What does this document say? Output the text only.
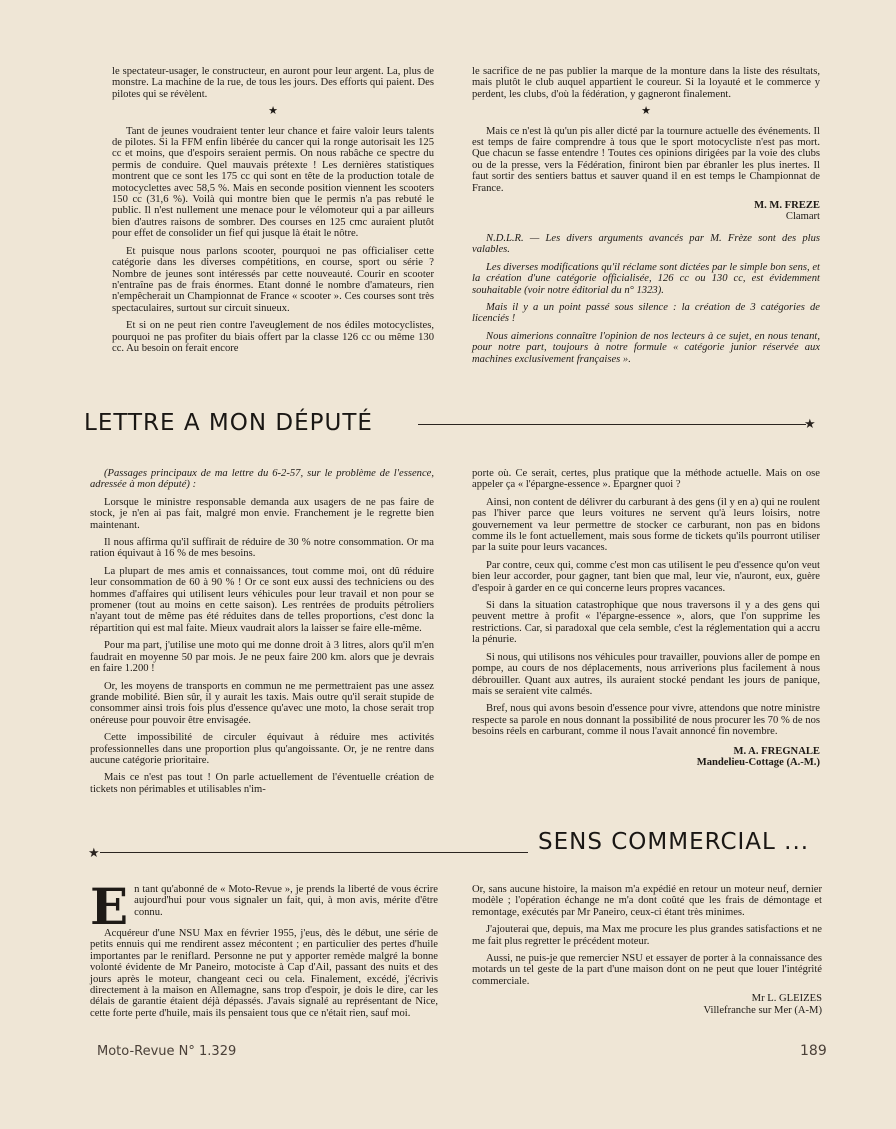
le spectateur-usager, le constructeur, en auront pour leur argent. La, plus de monstre. La machine de la rue, de tous les jours. Des efforts qui paient. Des pilotes qui se révèlent.

★

Tant de jeunes voudraient tenter leur chance et faire valoir leurs talents de pilotes. Si la FFM enfin libérée du cancer qui la ronge autorisait les 125 cc et moins, que d'espoirs seraient permis. On nous rabâche ce spectre du permis de conduire. Quel mauvais prétexte ! Les dernières statistiques montrent que ce sont les 175 cc qui sont en tête de la production totale de motocyclettes avec 58,5 %. Mais en seconde position viennent les scooters 150 cc (31,6 %). Voilà qui montre bien que le permis n'a pas rebuté le public. Il n'est nullement une menace pour le vélomoteur qui a par ailleurs bien d'autres raisons de sombrer. Des courses en 125 cmc auraient plutôt pour effet de consolider un fief qui jusque là était le nôtre.

Et puisque nous parlons scooter, pourquoi ne pas officialiser cette catégorie dans les diverses compétitions, en course, sport ou série ? Nombre de jeunes sont intéressés par cette nouveauté. Courir en scooter n'entraîne pas de frais énormes. Etant donné le nombre d'amateurs, rien n'empêcherait un Championnat de France « scooter ». Ces courses sont très spectaculaires, surtout sur circuit sinueux.

Et si on ne peut rien contre l'aveuglement de nos édiles motocyclistes, pourquoi ne pas profiter du biais offert par la classe 126 cc ou même 130 cc. Au besoin on ferait encore

le sacrifice de ne pas publier la marque de la monture dans la liste des résultats, mais plutôt le club auquel appartient le coureur. Si la loyauté et le commerce y perdent, les clubs, d'où la fédération, y gagneront finalement.

★

Mais ce n'est là qu'un pis aller dicté par la tournure actuelle des événements. Il est temps de faire comprendre à tous que le sport motocycliste n'est pas mort. Que chacun se fasse entendre ! Toutes ces opinions dirigées par la voie des clubs ou de la presse, vers la Fédération, finiront bien par ébranler les plus inertes. Il faut sortir des sentiers battus et sauver quand il en est temps le Championnat de France.

M. M. FREZE

Clamart

N.D.L.R. — Les divers arguments avancés par M. Frèze sont des plus valables.

Les diverses modifications qu'il réclame sont dictées par le simple bon sens, et la création d'une catégorie officialisée, 126 cc ou 130 cc, est évidemment souhaitable (voir notre éditorial du n° 1323).

Mais il y a un point passé sous silence : la création de 3 catégories de licenciés !

Nous aimerions connaître l'opinion de nos lecteurs à ce sujet, en nous tenant, pour notre part, toujours à notre formule « catégorie junior réservée aux machines exclusivement françaises ».

LETTRE A MON DÉPUTÉ	★

(Passages principaux de ma lettre du 6-2-57, sur le problème de l'essence, adressée à mon député) :

Lorsque le ministre responsable demanda aux usagers de ne pas faire de stock, je n'en ai pas fait, malgré mon envie. Franchement je le regrette bien maintenant.

Il nous affirma qu'il suffirait de réduire de 30 % notre consommation. Or ma ration équivaut à 16 % de mes besoins.

La plupart de mes amis et connaissances, tout comme moi, ont dû réduire leur consommation de 60 à 90 % ! Or ce sont eux aussi des techniciens ou des hommes d'affaires qui utilisent leurs véhicules pour leur travail et non pour se promener (tout au moins en cette saison). Les rentrées de produits pétroliers n'ayant tout de même pas été réduites dans de telles proportions, c'est donc la répartition qui est mal faite. Mieux vaudrait alors la laisser se faire elle-même.

Pour ma part, j'utilise une moto qui me donne droit à 3 litres, alors qu'il m'en faudrait en moyenne 50 par mois. Je ne peux faire 200 km. alors que je devrais en faire 1.200 !

Or, les moyens de transports en commun ne me permettraient pas une assez grande mobilité. Bien sûr, il y aurait les taxis. Mais outre qu'il serait stupide de consommer ainsi trois fois plus d'essence qu'avec une moto, la chose serait trop onéreuse pour pouvoir être envisagée.

Cette impossibilité de circuler équivaut à réduire mes activités professionnelles dans une proportion plus qu'angoissante. Or, je ne rentre dans aucune catégorie prioritaire.

Mais ce n'est pas tout ! On parle actuellement de l'éventuelle création de tickets non périmables et utilisables n'im-

porte où. Ce serait, certes, plus pratique que la méthode actuelle. Mais on ose appeler ça « l'épargne-essence ». Epargner quoi ?

Ainsi, non content de délivrer du carburant à des gens (il y en a) qui ne roulent pas l'hiver parce que leurs voitures ne servent qu'à leurs loisirs, notre gouvernement va leur permettre de stocker ce carburant, non pas en bidons comme ils le font actuellement, mais sous forme de tickets qu'ils pourront utiliser par la suite pour leurs vacances.

Par contre, ceux qui, comme c'est mon cas utilisent le peu d'essence qu'on veut bien leur accorder, pour gagner, tant bien que mal, leur vie, n'auront, eux, guère d'espoir à garder en ce qui concerne leurs propres vacances.

Si dans la situation catastrophique que nous traversons il y a des gens qui peuvent mettre à profit « l'épargne-essence », alors, que l'on supprime les restrictions. Car, si paradoxal que cela semble, c'est la réglementation qui a accru la pénurie.

Si nous, qui utilisons nos véhicules pour travailler, pouvions aller de pompe en pompe, au cours de nos déplacements, nous arriverions plus facilement à nous débrouiller. Quant aux autres, ils auraient stocké pendant les jours de panique, mais se seraient vite calmés.

Bref, nous qui avons besoin d'essence pour vivre, attendons que notre ministre respecte sa parole en nous donnant la possibilité de nous procurer les 70 % de nos besoins réels en carburant, comme il nous l'avait annoncé fin novembre.

M. A. FREGNALE

Mandelieu-Cottage (A.-M.)

★	SENS COMMERCIAL ...

En tant qu'abonné de « Moto-Revue », je prends la liberté de vous écrire aujourd'hui pour vous signaler un fait, qui, à mon avis, mérite d'être connu.

Acquéreur d'une NSU Max en février 1955, j'eus, dès le début, une série de petits ennuis qui me rendirent assez mécontent ; en particulier des pertes d'huile importantes par le reniflard. Personne ne put y apporter remède malgré la bonne volonté évidente de Mr Paneiro, motociste à Cap d'Ail, passant des nuits et des jours après le moteur, changeant ceci ou cela. Finalement, excédé, j'écrivis directement à la maison en Allemagne, sans trop d'espoir, je dois le dire, car les délais de garantie étaient déjà dépassés. J'avais signalé au représentant de Nice, cette forte perte d'huile, mais ils pensaient tous que ce n'était rien, sauf moi.

Or, sans aucune histoire, la maison m'a expédié en retour un moteur neuf, dernier modèle ; l'opération échange ne m'a dont coûté que les frais de démontage et remontage, exécutés par Mr Paneiro, ceux-ci étant très minimes.

J'ajouterai que, depuis, ma Max me procure les plus grandes satisfactions et ne me fait plus regretter le précédent moteur.

Aussi, ne puis-je que remercier NSU et essayer de porter à la connaissance des motards un tel geste de la part d'une maison dont on ne peut que louer l'intégrité commerciale.

Mr L. GLEIZES

Villefranche sur Mer (A-M)

Moto-Revue N° 1.329	189
